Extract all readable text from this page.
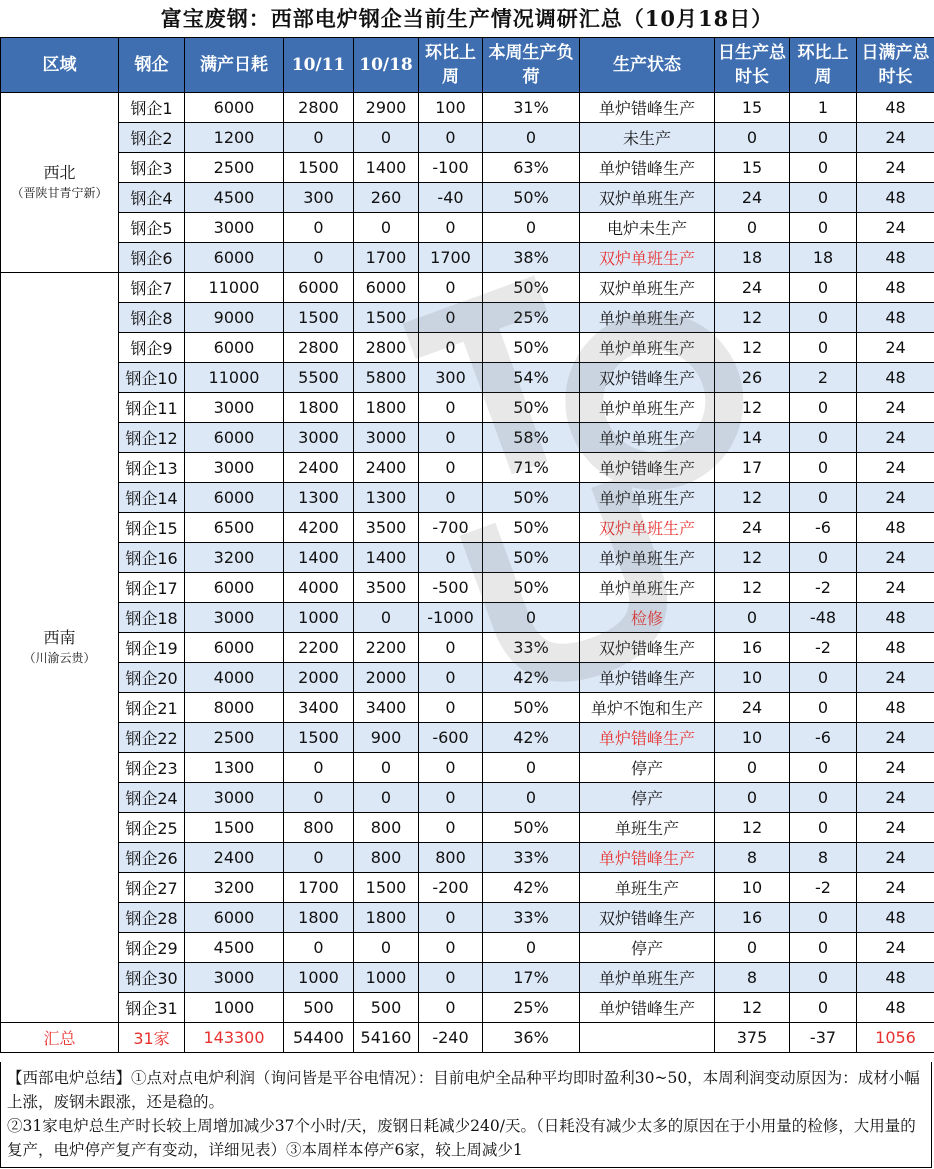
富宝废钢：西部电炉钢企当前生产情况调研汇总（10月18日）
区域	钢企	满产日耗	10/11	10/18	环比上周	本周生产负荷	生产状态	日生产总时长	环比上周	日满产总时长

西北
（晋陕甘青宁新）	钢企1	6000	2800	2900	100	31%	单炉错峰生产	15	1	48
	钢企2	1200	0	0	0	0	未生产	0	0	24
	钢企3	2500	1500	1400	-100	63%	单炉错峰生产	15	0	24
	钢企4	4500	300	260	-40	50%	双炉单班生产	24	0	48
	钢企5	3000	0	0	0	0	电炉未生产	0	0	24
	钢企6	6000	0	1700	1700	38%	双炉单班生产	18	18	48

西南
（川渝云贵）	钢企7	11000	6000	6000	0	50%	双炉单班生产	24	0	48
	钢企8	9000	1500	1500	0	25%	单炉单班生产	12	0	48
	钢企9	6000	2800	2800	0	50%	单炉单班生产	12	0	24
	钢企10	11000	5500	5800	300	54%	双炉错峰生产	26	2	48
	钢企11	3000	1800	1800	0	50%	单炉单班生产	12	0	24
	钢企12	6000	3000	3000	0	58%	单炉单班生产	14	0	24
	钢企13	3000	2400	2400	0	71%	单炉错峰生产	17	0	24
	钢企14	6000	1300	1300	0	50%	单炉单班生产	12	0	24
	钢企15	6500	4200	3500	-700	50%	双炉单班生产	24	-6	48
	钢企16	3200	1400	1400	0	50%	单炉单班生产	12	0	24
	钢企17	6000	4000	3500	-500	50%	单炉单班生产	12	-2	24
	钢企18	3000	1000	0	-1000	0	检修	0	-48	48
	钢企19	6000	2200	2200	0	33%	双炉错峰生产	16	-2	48
	钢企20	4000	2000	2000	0	42%	单炉错峰生产	10	0	24
	钢企21	8000	3400	3400	0	50%	单炉不饱和生产	24	0	48
	钢企22	2500	1500	900	-600	42%	单炉错峰生产	10	-6	24
	钢企23	1300	0	0	0	0	停产	0	0	24
	钢企24	3000	0	0	0	0	停产	0	0	24
	钢企25	1500	800	800	0	50%	单班生产	12	0	24
	钢企26	2400	0	800	800	33%	单炉错峰生产	8	8	24
	钢企27	3200	1700	1500	-200	42%	单班生产	10	-2	24
	钢企28	6000	1800	1800	0	33%	双炉错峰生产	16	0	48
	钢企29	4500	0	0	0	0	停产	0	0	24
	钢企30	3000	1000	1000	0	17%	单炉单班生产	8	0	48
	钢企31	1000	500	500	0	25%	单炉错峰生产	12	0	48
汇总	31家	143300	54400	54160	-240	36%		375	-37	1056
【西部电炉总结】①点对点电炉利润（询问皆是平谷电情况）：目前电炉全品种平均即时盈利30~50，本周利润变动原因为：成材小幅上涨，废钢未跟涨，还是稳的。
②31家电炉总生产时长较上周增加减少37个小时/天，废钢日耗减少240/天。（日耗没有减少太多的原因在于小用量的检修，大用量的复产，电炉停产复产有变动，详细见表）③本周样本停产6家，较上周减少1
